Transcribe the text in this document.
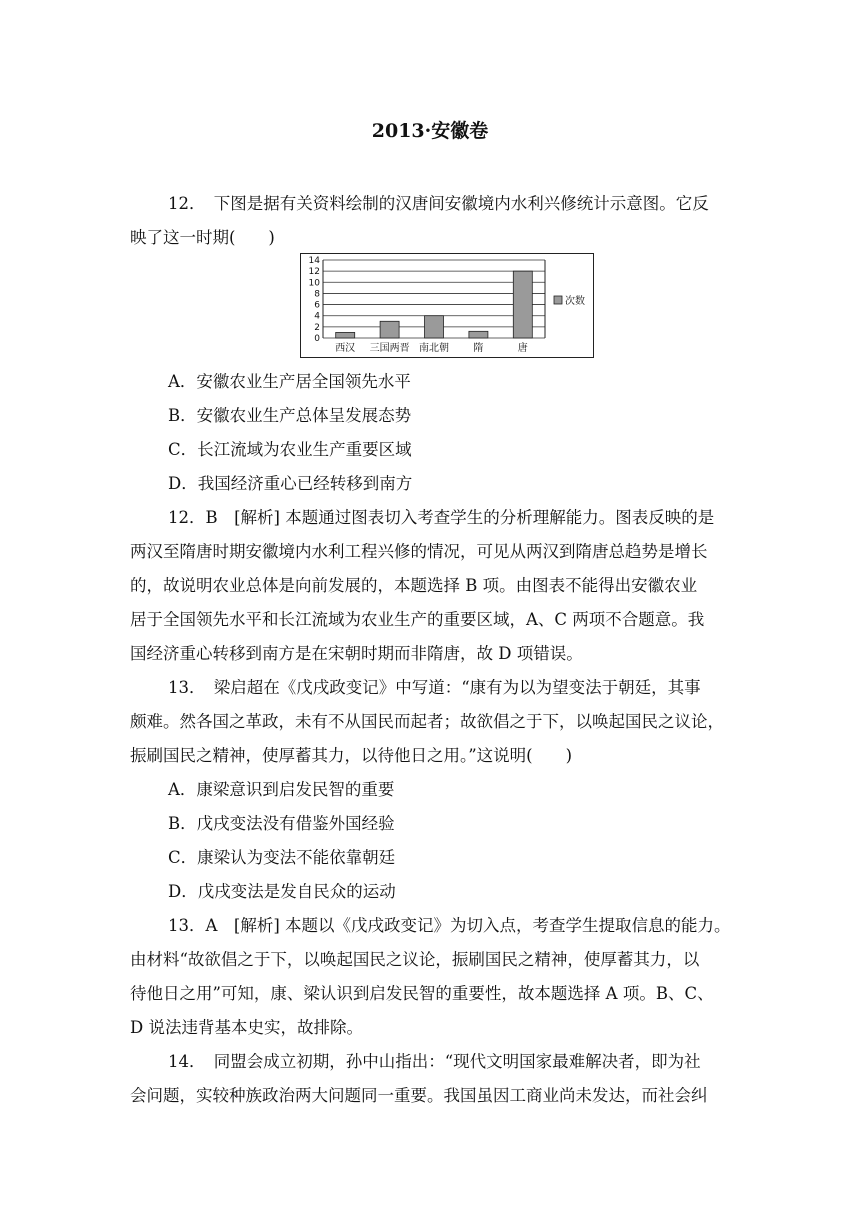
2013·安徽卷
12．　下图是据有关资料绘制的汉唐间安徽境内水利兴修统计示意图。它反
映了这一时期(　　)
0
2
4
6
8
10
12
14
西汉 三国两晋 南北朝 隋	唐
次数
A．安徽农业生产居全国领先水平
B．安徽农业生产总体呈发展态势
C．长江流域为农业生产重要区域
D．我国经济重心已经转移到南方
12．B　[解析] 本题通过图表切入考查学生的分析理解能力。图表反映的是
两汉至隋唐时期安徽境内水利工程兴修的情况，可见从两汉到隋唐总趋势是增长
的，故说明农业总体是向前发展的，本题选择 B 项。由图表不能得出安徽农业
居于全国领先水平和长江流域为农业生产的重要区域，A、C 两项不合题意。我
国经济重心转移到南方是在宋朝时期而非隋唐，故 D 项错误。
13．　梁启超在《戊戌政变记》中写道：“康有为以为望变法于朝廷，其事
颇难。然各国之革政，未有不从国民而起者；故欲倡之于下，以唤起国民之议论，
振刷国民之精神，使厚蓄其力，以待他日之用。”这说明(　　)
A．康梁意识到启发民智的重要
B．戊戌变法没有借鉴外国经验
C．康梁认为变法不能依靠朝廷
D．戊戌变法是发自民众的运动
13．A　[解析] 本题以《戊戌政变记》为切入点，考查学生提取信息的能力。
由材料“故欲倡之于下，以唤起国民之议论，振刷国民之精神，使厚蓄其力，以
待他日之用”可知，康、梁认识到启发民智的重要性，故本题选择 A 项。B、C、
D 说法违背基本史实，故排除。
14．　同盟会成立初期，孙中山指出：“现代文明国家最难解决者，即为社
会问题，实较种族政治两大问题同一重要。我国虽因工商业尚未发达，而社会纠
